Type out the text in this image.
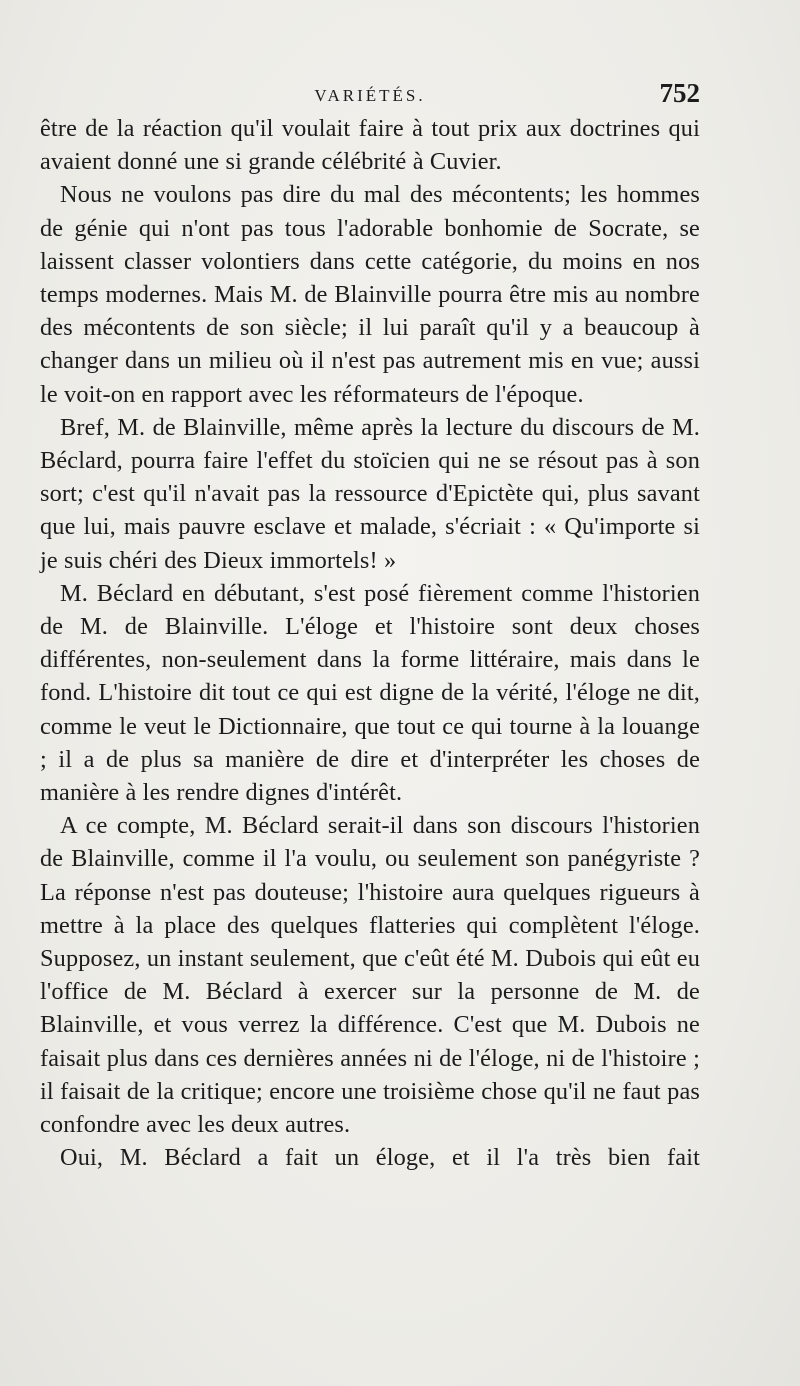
VARIÉTÉS.	752

être de la réaction qu'il voulait faire à tout prix aux doctrines qui avaient donné une si grande célébrité à Cuvier.

Nous ne voulons pas dire du mal des mécontents; les hommes de génie qui n'ont pas tous l'adorable bonhomie de Socrate, se laissent classer volontiers dans cette catégorie, du moins en nos temps modernes. Mais M. de Blainville pourra être mis au nombre des mécontents de son siècle; il lui paraît qu'il y a beaucoup à changer dans un milieu où il n'est pas autrement mis en vue; aussi le voit-on en rapport avec les réformateurs de l'époque.

Bref, M. de Blainville, même après la lecture du discours de M. Béclard, pourra faire l'effet du stoïcien qui ne se résout pas à son sort; c'est qu'il n'avait pas la ressource d'Epictète qui, plus savant que lui, mais pauvre esclave et malade, s'écriait : « Qu'importe si je suis chéri des Dieux immortels! »

M. Béclard en débutant, s'est posé fièrement comme l'historien de M. de Blainville. L'éloge et l'histoire sont deux choses différentes, non-seulement dans la forme littéraire, mais dans le fond. L'histoire dit tout ce qui est digne de la vérité, l'éloge ne dit, comme le veut le Dictionnaire, que tout ce qui tourne à la louange ; il a de plus sa manière de dire et d'interpréter les choses de manière à les rendre dignes d'intérêt.

A ce compte, M. Béclard serait-il dans son discours l'historien de Blainville, comme il l'a voulu, ou seulement son panégyriste ? La réponse n'est pas douteuse; l'histoire aura quelques rigueurs à mettre à la place des quelques flatteries qui complètent l'éloge. Supposez, un instant seulement, que c'eût été M. Dubois qui eût eu l'office de M. Béclard à exercer sur la personne de M. de Blainville, et vous verrez la différence. C'est que M. Dubois ne faisait plus dans ces dernières années ni de l'éloge, ni de l'histoire ; il faisait de la critique; encore une troisième chose qu'il ne faut pas confondre avec les deux autres.

Oui, M. Béclard a fait un éloge, et il l'a très bien fait
